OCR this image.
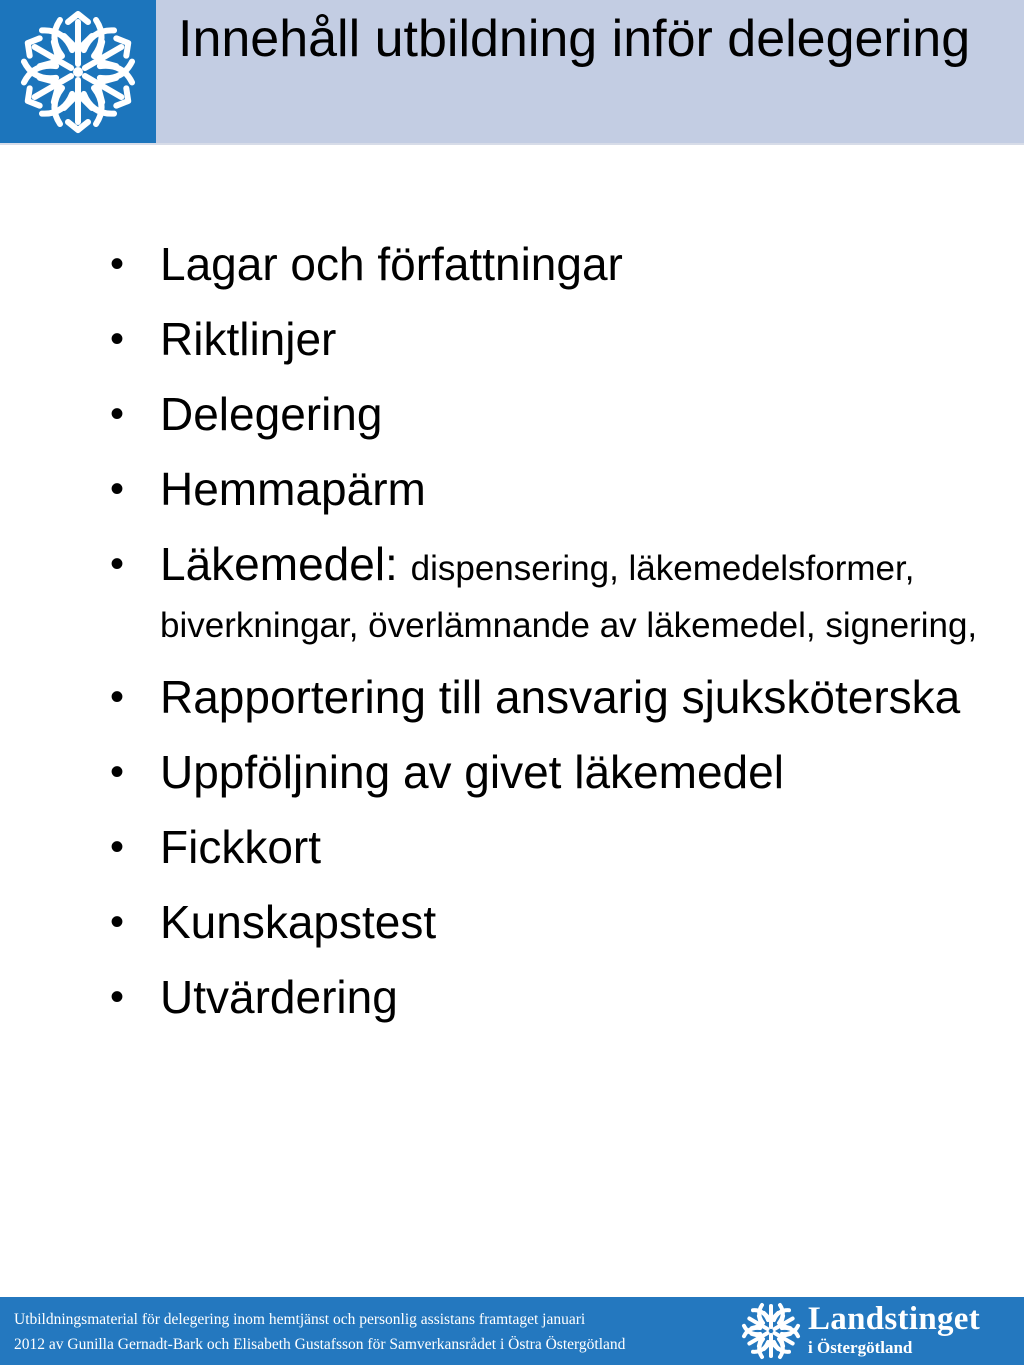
Innehåll utbildning inför delegering
• Lagar och författningar
• Riktlinjer
• Delegering
• Hemmapärm
• Läkemedel: dispensering, läkemedelsformer, biverkningar, överlämnande av läkemedel, signering,
• Rapportering till ansvarig sjuksköterska
• Uppföljning av givet läkemedel
• Fickkort
• Kunskapstest
• Utvärdering
Utbildningsmaterial för delegering inom hemtjänst och personlig assistans framtaget januari
2012 av Gunilla Gernadt-Bark och Elisabeth Gustafsson för Samverkansrådet i Östra Östergötland
Landstinget
i Östergötland
